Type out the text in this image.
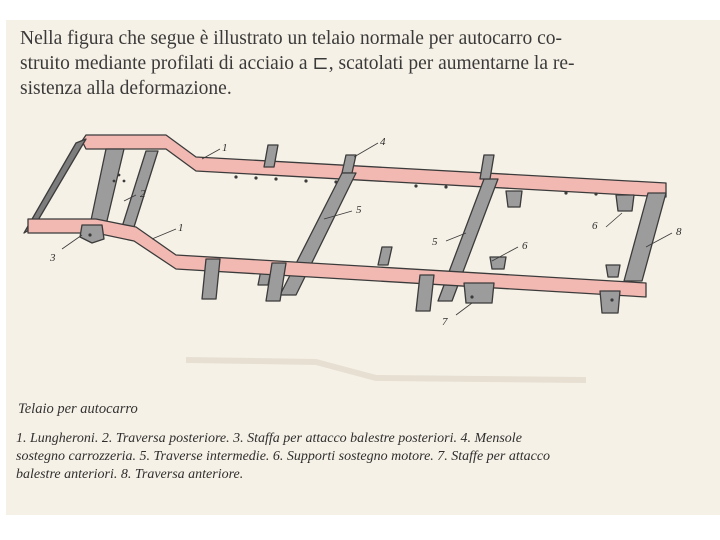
Nella figura che segue è illustrato un telaio normale per autocarro co-
struito mediante profilati di acciaio a ⊏, scatolati per aumentarne la re-
sistenza alla deformazione.
1
1
2
3
4
5
5	6
6
7
8
Telaio per autocarro
1. Lungheroni. 2. Traversa posteriore. 3. Staffa per attacco balestre posteriori. 4. Mensole
sostegno carrozzeria. 5. Traverse intermedie. 6. Supporti sostegno motore. 7. Staffe per attacco
balestre anteriori. 8. Traversa anteriore.
